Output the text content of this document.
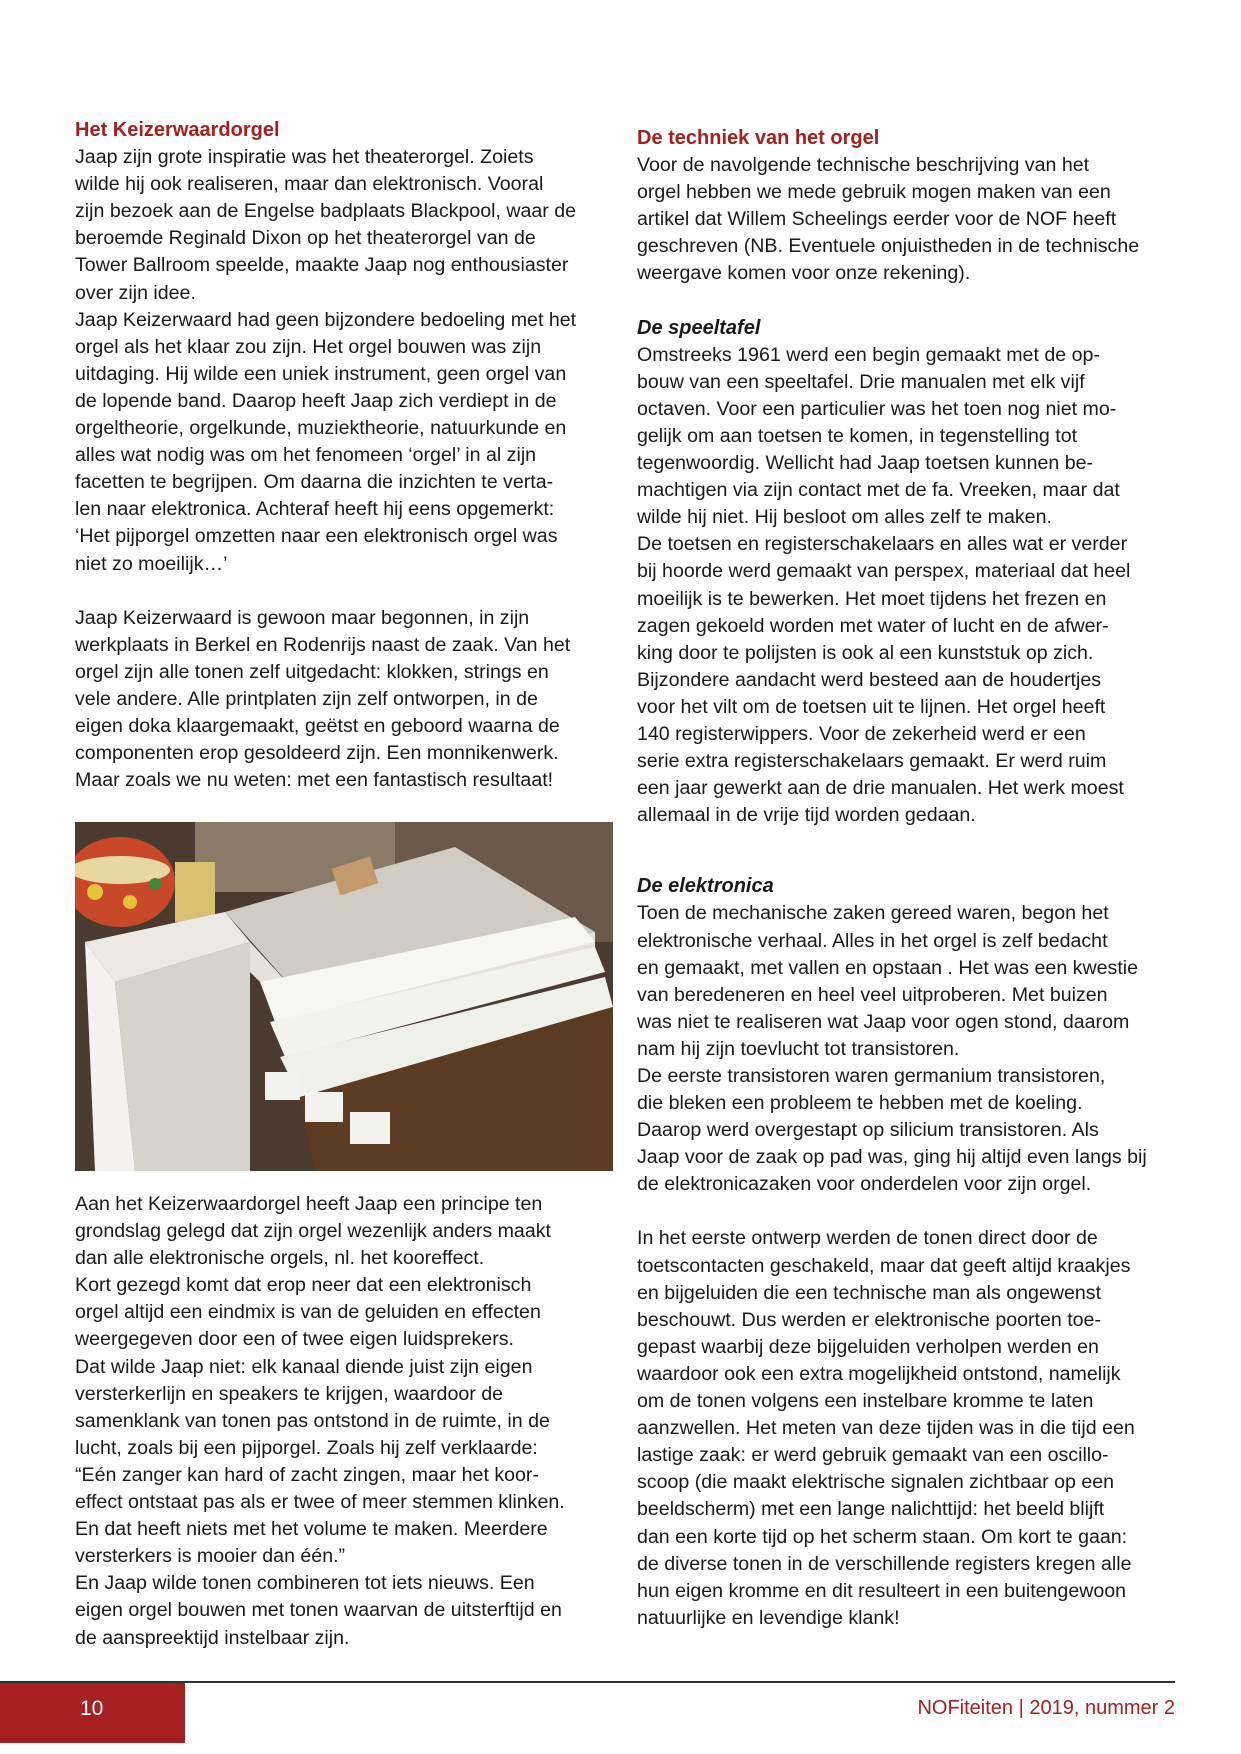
Het Keizerwaardorgel

Jaap zijn grote inspiratie was het theaterorgel. Zoiets
wilde hij ook realiseren, maar dan elektronisch. Vooral
zijn bezoek aan de Engelse badplaats Blackpool, waar de
beroemde Reginald Dixon op het theaterorgel van de
Tower Ballroom speelde, maakte Jaap nog enthousiaster
over zijn idee.

Jaap Keizerwaard had geen bijzondere bedoeling met het
orgel als het klaar zou zijn. Het orgel bouwen was zijn
uitdaging. Hij wilde een uniek instrument, geen orgel van
de lopende band. Daarop heeft Jaap zich verdiept in de
orgeltheorie, orgelkunde, muziektheorie, natuurkunde en
alles wat nodig was om het fenomeen ‘orgel’ in al zijn
facetten te begrijpen. Om daarna die inzichten te verta-
len naar elektronica. Achteraf heeft hij eens opgemerkt:
‘Het pijporgel omzetten naar een elektronisch orgel was
niet zo moeilijk…’

Jaap Keizerwaard is gewoon maar begonnen, in zijn
werkplaats in Berkel en Rodenrijs naast de zaak. Van het
orgel zijn alle tonen zelf uitgedacht: klokken, strings en
vele andere. Alle printplaten zijn zelf ontworpen, in de
eigen doka klaargemaakt, geëtst en geboord waarna de
componenten erop gesoldeerd zijn. Een monnikenwerk.
Maar zoals we nu weten: met een fantastisch resultaat!

Aan het Keizerwaardorgel heeft Jaap een principe ten
grondslag gelegd dat zijn orgel wezenlijk anders maakt
dan alle elektronische orgels, nl. het kooreffect.

Kort gezegd komt dat erop neer dat een elektronisch
orgel altijd een eindmix is van de geluiden en effecten
weergegeven door een of twee eigen luidsprekers.

Dat wilde Jaap niet: elk kanaal diende juist zijn eigen
versterkerlijn en speakers te krijgen, waardoor de
samenklank van tonen pas ontstond in de ruimte, in de
lucht, zoals bij een pijporgel. Zoals hij zelf verklaarde:
“Eén zanger kan hard of zacht zingen, maar het koor-
effect ontstaat pas als er twee of meer stemmen klinken.
En dat heeft niets met het volume te maken. Meerdere
versterkers is mooier dan één.”

En Jaap wilde tonen combineren tot iets nieuws. Een
eigen orgel bouwen met tonen waarvan de uitsterftijd en
de aanspreektijd instelbaar zijn.

De techniek van het orgel

Voor de navolgende technische beschrijving van het
orgel hebben we mede gebruik mogen maken van een
artikel dat Willem Scheelings eerder voor de NOF heeft
geschreven (NB. Eventuele onjuistheden in de technische
weergave komen voor onze rekening).

De speeltafel

Omstreeks 1961 werd een begin gemaakt met de op-
bouw van een speeltafel. Drie manualen met elk vijf
octaven. Voor een particulier was het toen nog niet mo-
gelijk om aan toetsen te komen, in tegenstelling tot
tegenwoordig. Wellicht had Jaap toetsen kunnen be-
machtigen via zijn contact met de fa. Vreeken, maar dat
wilde hij niet. Hij besloot om alles zelf te maken.

De toetsen en registerschakelaars en alles wat er verder
bij hoorde werd gemaakt van perspex, materiaal dat heel
moeilijk is te bewerken. Het moet tijdens het frezen en
zagen gekoeld worden met water of lucht en de afwer-
king door te polijsten is ook al een kunststuk op zich.
Bijzondere aandacht werd besteed aan de houdertjes
voor het vilt om de toetsen uit te lijnen. Het orgel heeft
140 registerwippers. Voor de zekerheid werd er een
serie extra registerschakelaars gemaakt. Er werd ruim
een jaar gewerkt aan de drie manualen. Het werk moest
allemaal in de vrije tijd worden gedaan.

De elektronica

Toen de mechanische zaken gereed waren, begon het
elektronische verhaal. Alles in het orgel is zelf bedacht
en gemaakt, met vallen en opstaan . Het was een kwestie
van beredeneren en heel veel uitproberen. Met buizen
was niet te realiseren wat Jaap voor ogen stond, daarom
nam hij zijn toevlucht tot transistoren.

De eerste transistoren waren germanium transistoren,
die bleken een probleem te hebben met de koeling.
Daarop werd overgestapt op silicium transistoren. Als
Jaap voor de zaak op pad was, ging hij altijd even langs bij
de elektronicazaken voor onderdelen voor zijn orgel.

In het eerste ontwerp werden de tonen direct door de
toetscontacten geschakeld, maar dat geeft altijd kraakjes
en bijgeluiden die een technische man als ongewenst
beschouwt. Dus werden er elektronische poorten toe-
gepast waarbij deze bijgeluiden verholpen werden en
waardoor ook een extra mogelijkheid ontstond, namelijk
om de tonen volgens een instelbare kromme te laten
aanzwellen. Het meten van deze tijden was in die tijd een
lastige zaak: er werd gebruik gemaakt van een oscillo-
scoop (die maakt elektrische signalen zichtbaar op een
beeldscherm) met een lange nalichttijd: het beeld blijft
dan een korte tijd op het scherm staan. Om kort te gaan:
de diverse tonen in de verschillende registers kregen alle
hun eigen kromme en dit resulteert in een buitengewoon
natuurlijke en levendige klank!

10	NOFiteiten | 2019, nummer 2
